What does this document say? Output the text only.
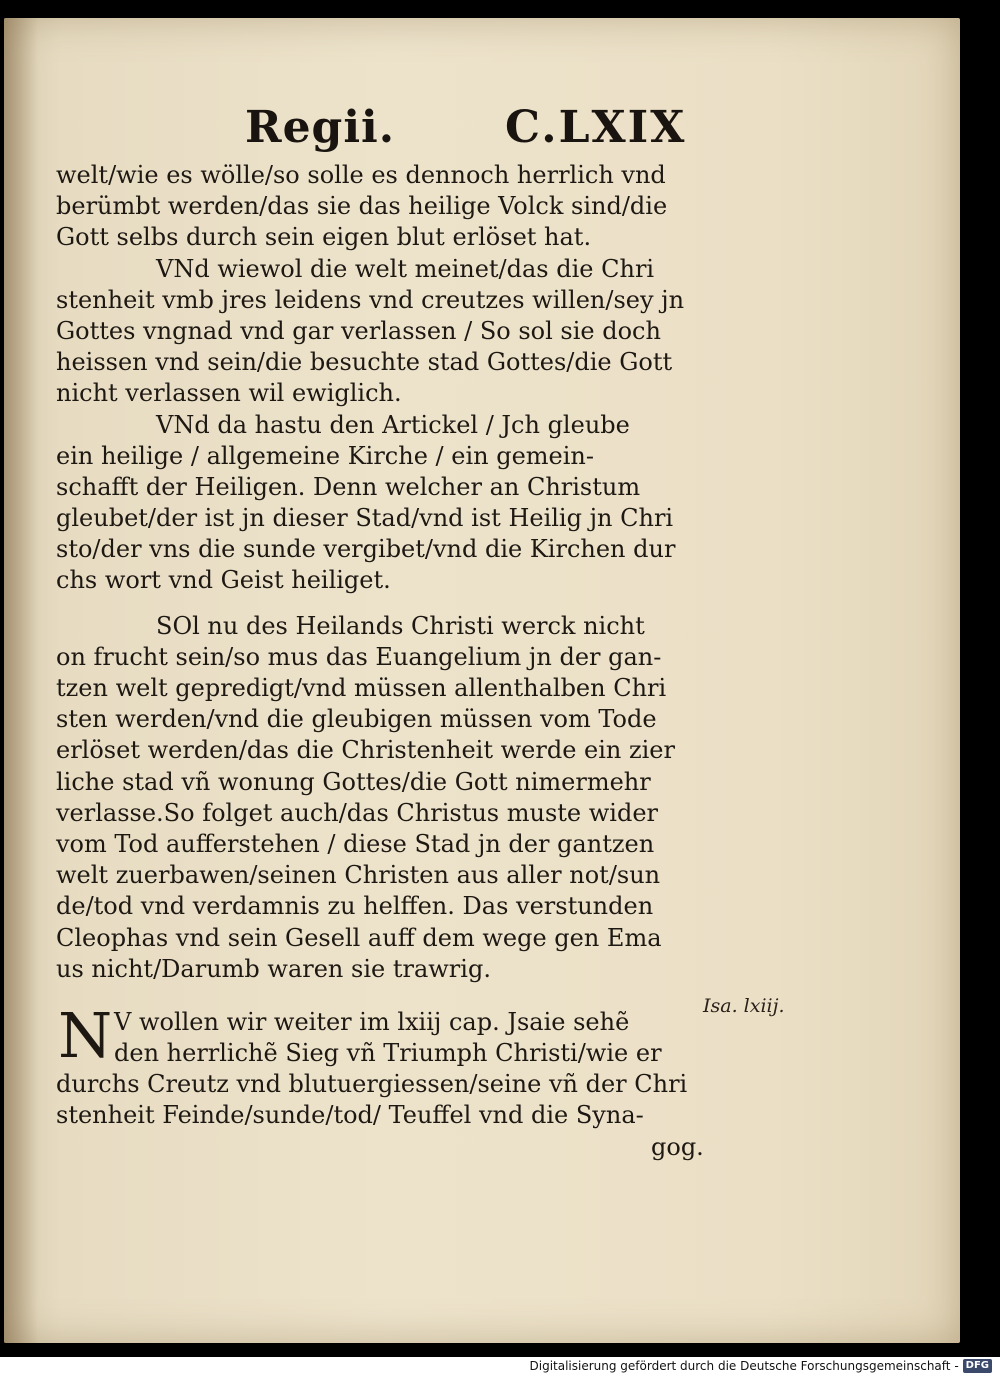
Regii. C.LXIX
welt/wie es wölle/so solle es dennoch herrlich vnd
berümbt werden/das sie das heilige Volck sind/die
Gott selbs durch sein eigen blut erlöset hat.
VNd wiewol die welt meinet/das die Chri
stenheit vmb jres leidens vnd creutzes willen/sey jn
Gottes vngnad vnd gar verlassen / So sol sie doch
heissen vnd sein/die besuchte stad Gottes/die Gott
nicht verlassen wil ewiglich.
VNd da hastu den Artickel / Jch gleube
ein heilige / allgemeine Kirche / ein gemein-
schafft der Heiligen. Denn welcher an Christum
gleubet/der ist jn dieser Stad/vnd ist Heilig jn Chri
sto/der vns die sunde vergibet/vnd die Kirchen dur
chs wort vnd Geist heiliget.
SOl nu des Heilands Christi werck nicht
on frucht sein/so mus das Euangelium jn der gan-
tzen welt gepredigt/vnd müssen allenthalben Chri
sten werden/vnd die gleubigen müssen vom Tode
erlöset werden/das die Christenheit werde ein zier
liche stad vñ wonung Gottes/die Gott nimermehr
verlasse.So folget auch/das Christus muste wider
vom Tod aufferstehen / diese Stad jn der gantzen
welt zuerbawen/seinen Christen aus aller not/sun
de/tod vnd verdamnis zu helffen. Das verstunden
Cleophas vnd sein Gesell auff dem wege gen Ema
us nicht/Darumb waren sie trawrig.
N V wollen wir weiter im lxiij cap. Jsaie sehẽ
den herrlichẽ Sieg vñ Triumph Christi/wie er
durchs Creutz vnd blutuergiessen/seine vñ der Chri
stenheit Feinde/sunde/tod/ Teuffel vnd die Syna-
gog.
Isa. lxiij.
Digitalisierung gefördert durch die Deutsche Forschungsgemeinschaft - DFG
